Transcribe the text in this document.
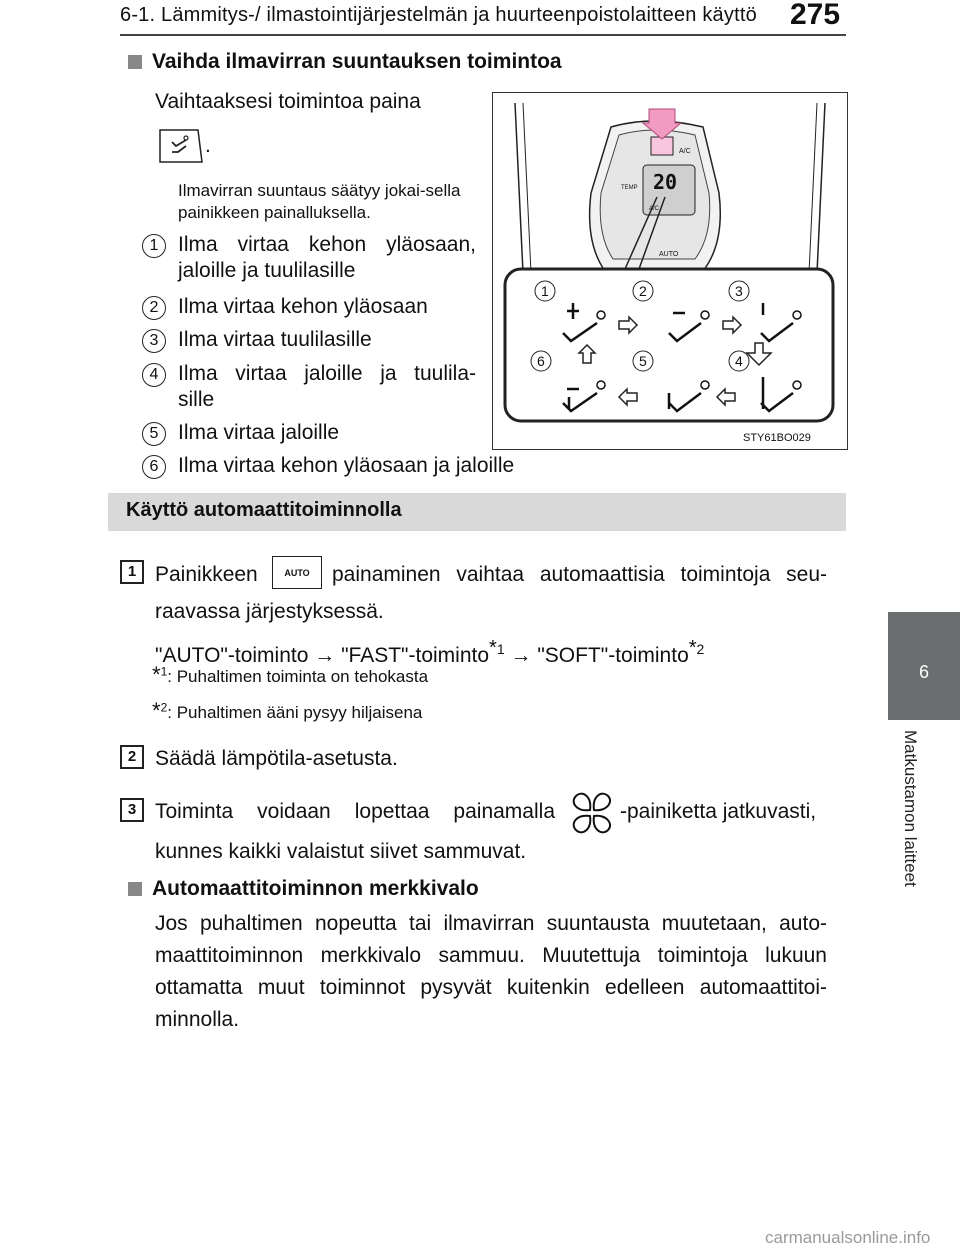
6-1. Lämmitys-/ ilmastointijärjestelmän ja huurteenpoistolaitteen käyttö 275
6
Matkustamon laitteet
Vaihda ilmavirran suuntauksen toimintoa
Vaihtaaksesi toimintoa paina
.
Ilmavirran suuntaus säätyy jokai-sella painikkeen painalluksella.
1 Ilma virtaa kehon yläosaan,
jaloille ja tuulilasille
2 Ilma virtaa kehon yläosaan
3 Ilma virtaa tuulilasille
4 Ilma virtaa jaloille ja tuulila-
sille
5 Ilma virtaa jaloille
6 Ilma virtaa kehon yläosaan ja jaloille
20
A/C
TEMP
A/C
AUTO
1	2	3
6	5	4
STY61BO029
Käyttö automaattitoiminnolla
1 Painikkeen	AUTO	painaminen vaihtaa automaattisia toimintoja seu-
raavassa järjestyksessä.
"AUTO"-toiminto → "FAST"-toiminto$^{*1}$ → "SOFT"-toiminto$^{*2}$
*$^1$: Puhaltimen toiminta on tehokasta
*$^2$: Puhaltimen ääni pysyy hiljaisena
2 Säädä lämpötila-asetusta.
3 Toiminta voidaan lopettaa painamalla	-painiketta jatkuvasti,
kunnes kaikki valaistut siivet sammuvat.
Automaattitoiminnon merkkivalo
Jos puhaltimen nopeutta tai ilmavirran suuntausta muutetaan, auto-
maattitoiminnon merkkivalo sammuu. Muutettuja toimintoja lukuun
ottamatta muut toiminnot pysyvät kuitenkin edelleen automaattitoi-
minnolla.
carmanualsonline.info
